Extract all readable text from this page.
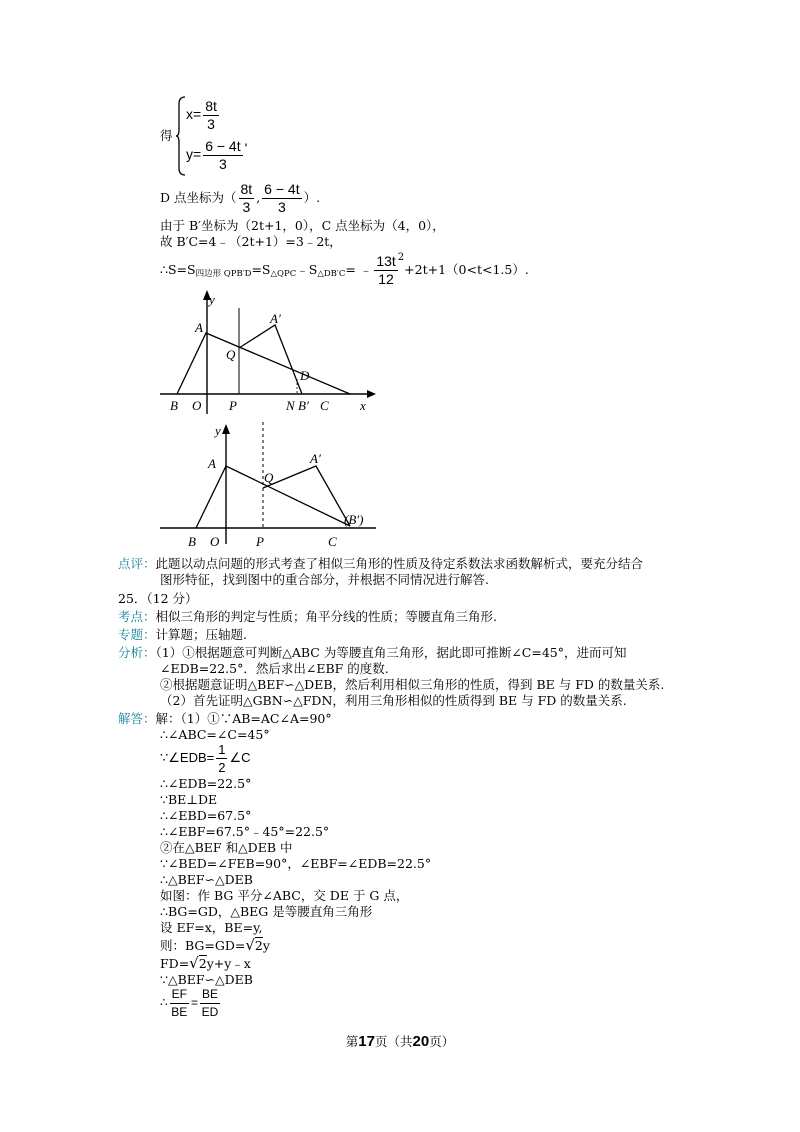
得
$x= \frac{8t}{3}$
$y= \frac{6 - 4t}{3}$ '
D 点坐标为（ $\frac{8t}{3}$ , $\frac{6 - 4t}{3}$ ）.
由于 B′坐标为（2t+1，0），C 点坐标为（4，0），
故 B′C=4﹣（2t+1）=3﹣2t，
$\therefore S=S_{四边形 QPB'D}=S_{\triangle QPC}﹣S_{\triangle DB'C}=$ ﹣ $\frac{13t}{12} ^2+2t+1(0<t<1.5)$.
y
A
A′
Q
D
B O P	N B′ C x
y
A	A′
Q
B O	P	C
(B′)
点评：此题以动点问题的形式考查了相似三角形的性质及待定系数法求函数解析式，要充分结合
图形特征，找到图中的重合部分，并根据不同情况进行解答.
25．（12 分）
考点：相似三角形的判定与性质；角平分线的性质；等腰直角三角形.
专题：计算题；压轴题.
分析：（1）①根据题意可判断△ABC 为等腰直角三角形，据此即可推断∠C=45°，进而可知
∠EDB=22.5°．然后求出∠EBF 的度数.
②根据题意证明△BEF∽△DEB，然后利用相似三角形的性质，得到 BE 与 FD 的数量关系.
（2）首先证明△GBN∽△FDN，利用三角形相似的性质得到 BE 与 FD 的数量关系.
解答：解：（1）①∵AB=AC∠A=90°
∴∠ABC=∠C=45°
∵∠EDB= $\frac{1}{2}$ ∠C
∴∠EDB=22.5°
∵BE⊥DE
∴∠EBD=67.5°
∴∠EBF=67.5°﹣45°=22.5°
②在△BEF 和△DEB 中
∵∠BED=∠FEB=90°，∠EBF=∠EDB=22.5°
∴△BEF∽△DEB
如图：作 BG 平分∠ABC，交 DE 于 G 点，
∴BG=GD，△BEG 是等腰直角三角形
设 EF=x，BE=y,
则：BG=GD=√2y
FD=√2y+y﹣x
∵△BEF∽△DEB
∴ $\frac{EF}{BE} = \frac{BE}{ED}$
第17页（共20页）
